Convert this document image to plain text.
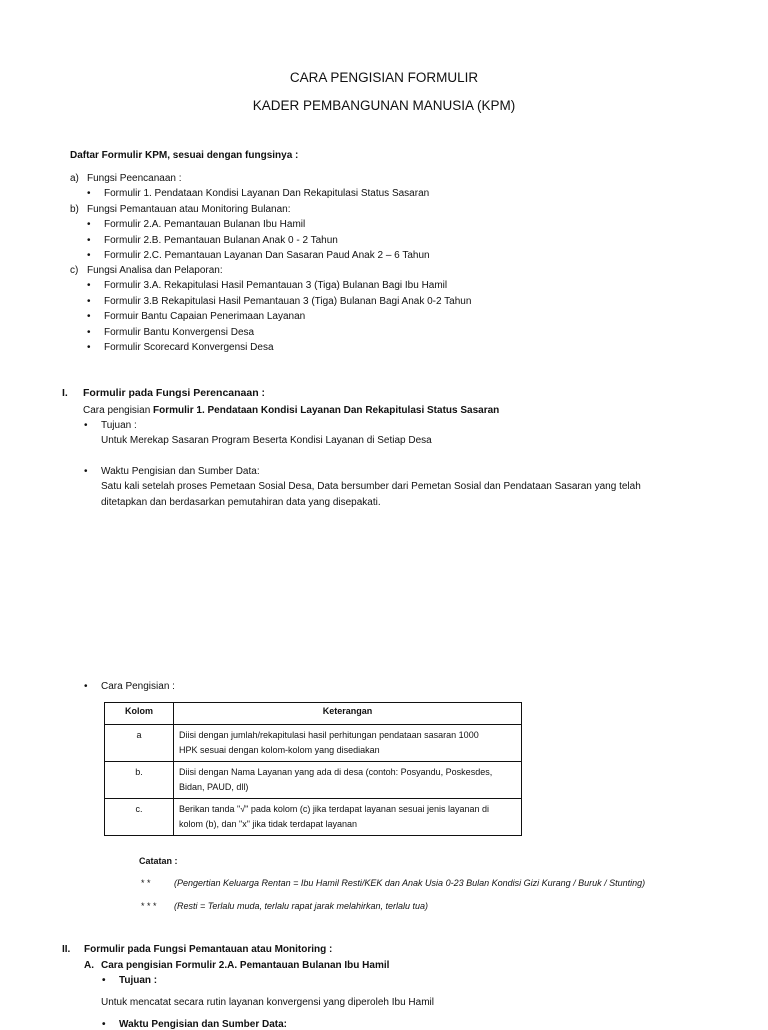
CARA PENGISIAN FORMULIR
KADER PEMBANGUNAN MANUSIA (KPM)
Daftar Formulir KPM, sesuai dengan fungsinya :
a) Fungsi Peencanaan :
• Formulir 1. Pendataan Kondisi Layanan Dan Rekapitulasi Status Sasaran
b) Fungsi Pemantauan atau Monitoring Bulanan:
• Formulir 2.A. Pemantauan Bulanan Ibu Hamil
• Formulir 2.B. Pemantauan Bulanan Anak 0 - 2 Tahun
• Formulir 2.C. Pemantauan Layanan Dan Sasaran Paud Anak 2 – 6 Tahun
c) Fungsi Analisa dan Pelaporan:
• Formulir 3.A. Rekapitulasi Hasil Pemantauan 3 (Tiga) Bulanan Bagi Ibu Hamil
• Formulir 3.B Rekapitulasi Hasil Pemantauan 3 (Tiga) Bulanan Bagi Anak 0-2 Tahun
• Formuir Bantu Capaian Penerimaan Layanan
• Formulir Bantu Konvergensi Desa
• Formulir Scorecard Konvergensi Desa
I. Formulir pada Fungsi Perencanaan :
Cara pengisian Formulir 1. Pendataan Kondisi Layanan Dan Rekapitulasi Status Sasaran
• Tujuan :
Untuk Merekap Sasaran Program Beserta Kondisi Layanan di Setiap Desa
• Waktu Pengisian dan Sumber Data:
Satu kali setelah proses Pemetaan Sosial Desa, Data bersumber dari Pemetan Sosial dan Pendataan Sasaran yang telah
ditetapkan dan berdasarkan pemutahiran data yang disepakati.
• Cara Pengisian :
Kolom	Keterangan
a	Diisi dengan jumlah/rekapitulasi hasil perhitungan pendataan sasaran 1000
HPK sesuai dengan kolom-kolom yang disediakan
b.	Diisi dengan Nama Layanan yang ada di desa (contoh: Posyandu, Poskesdes,
Bidan, PAUD, dll)
c.	Berikan tanda "√" pada kolom (c) jika terdapat layanan sesuai jenis layanan di
kolom (b), dan "x" jika tidak terdapat layanan
Catatan :
* *	(Pengertian Keluarga Rentan = Ibu Hamil Resti/KEK dan Anak Usia 0-23 Bulan Kondisi Gizi Kurang / Buruk / Stunting)
* * * (Resti = Terlalu muda, terlalu rapat jarak melahirkan, terlalu tua)
II. Formulir pada Fungsi Pemantauan atau Monitoring :
A. Cara pengisian Formulir 2.A. Pemantauan Bulanan Ibu Hamil
• Tujuan :
Untuk mencatat secara rutin layanan konvergensi yang diperoleh Ibu Hamil
• Waktu Pengisian dan Sumber Data:
